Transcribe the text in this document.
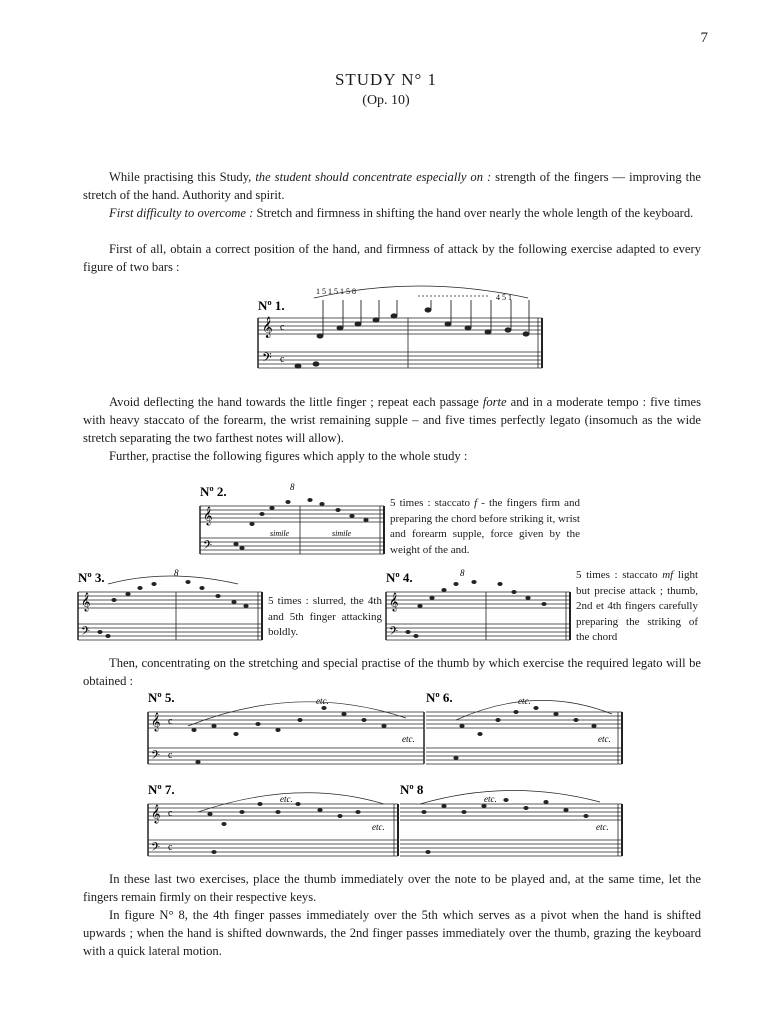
7
STUDY N° 1
(Op. 10)

While practising this Study, the student should concentrate especially on : strength of the fingers — improving the stretch of the hand. Authority and spirit.

First difficulty to overcome : Stretch and firmness in shifting the hand over nearly the whole length of the keyboard.

First of all, obtain a correct position of the hand, and firmness of attack by the following exercise adapted to every figure of two bars :

Nº 1.
𝄞
𝄢
c
c
1 5 1 5 1 5 8
4 5 1

Avoid deflecting the hand towards the little finger ; repeat each passage forte and in a moderate tempo : five times with heavy staccato of the forearm, the wrist remaining supple – and five times perfectly legato (insomuch as the wide stretch separating the two farthest notes will allow).

Further, practise the following figures which apply to the whole study :

Nº 2.
𝄞
𝄢
simile	simile
8

5 times : staccato f - the fingers firm and preparing the chord before striking it, wrist and forearm supple, force given by the weight of the and.

Nº 3.
𝄞
𝄢
8

5 times : slurred, the 4th and 5th finger attacking boldly.

Nº 4.
𝄞
𝄢
8	5 times : staccato mf light but precise attack ; thumb, 2nd et 4th fingers carefully preparing the striking of the chord

Then, concentrating on the stretching and special practise of the thumb by which exercise the required legato will be obtained :

Nº 5.
𝄞
𝄢
c
c
etc.
etc.
Nº 6.	etc.
etc.
Nº 7.
𝄞
𝄢
c
c
etc.
etc.
Nº 8
etc.
etc.

In these last two exercises, place the thumb immediately over the note to be played and, at the same time, let the fingers remain firmly on their respective keys.

In figure N° 8, the 4th finger passes immediately over the 5th which serves as a pivot when the hand is shifted upwards ; when the hand is shifted downwards, the 2nd finger passes immediately over the thumb, grazing the keyboard with a quick lateral motion.
